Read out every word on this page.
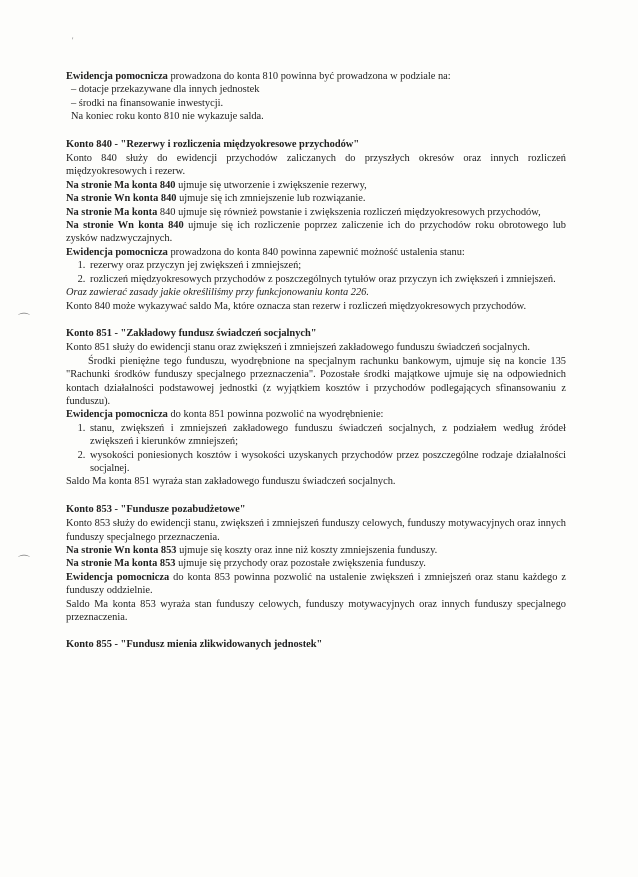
'
⌒
⌒

Ewidencja pomocnicza prowadzona do konta 810 powinna być prowadzona w podziale na:

– dotacje przekazywane dla innych jednostek

– środki na finansowanie inwestycji.

Na koniec roku konto 810 nie wykazuje salda.

Konto 840 - "Rezerwy i rozliczenia międzyokresowe przychodów"

Konto 840 służy do ewidencji przychodów zaliczanych do przyszłych okresów oraz innych rozliczeń międzyokresowych i rezerw.

Na stronie Ma konta 840 ujmuje się utworzenie i zwiększenie rezerwy,

Na stronie Wn konta 840 ujmuje się ich zmniejszenie lub rozwiązanie.

Na stronie Ma konta 840 ujmuje się również powstanie i zwiększenia rozliczeń międzyokresowych przychodów,

Na stronie Wn konta 840 ujmuje się ich rozliczenie poprzez zaliczenie ich do przychodów roku obrotowego lub zysków nadzwyczajnych.

Ewidencja pomocnicza prowadzona do konta 840 powinna zapewnić możność ustalenia stanu:

1. rezerwy oraz przyczyn jej zwiększeń i zmniejszeń;
2. rozliczeń międzyokresowych przychodów z poszczególnych tytułów oraz przyczyn ich zwiększeń i zmniejszeń.

Oraz zawierać zasady jakie określiliśmy przy funkcjonowaniu konta 226.

Konto 840 może wykazywać saldo Ma, które oznacza stan rezerw i rozliczeń międzyokresowych przychodów.

Konto 851 - "Zakładowy fundusz świadczeń socjalnych"

Konto 851 służy do ewidencji stanu oraz zwiększeń i zmniejszeń zakładowego funduszu świadczeń socjalnych.

Środki pieniężne tego funduszu, wyodrębnione na specjalnym rachunku bankowym, ujmuje się na koncie 135 "Rachunki środków funduszy specjalnego przeznaczenia". Pozostałe środki majątkowe ujmuje się na odpowiednich kontach działalności podstawowej jednostki (z wyjątkiem kosztów i przychodów podlegających sfinansowaniu z funduszu).

Ewidencja pomocnicza do konta 851 powinna pozwolić na wyodrębnienie:

1. stanu, zwiększeń i zmniejszeń zakładowego funduszu świadczeń socjalnych, z podziałem według źródeł zwiększeń i kierunków zmniejszeń;
2. wysokości poniesionych kosztów i wysokości uzyskanych przychodów przez poszczególne rodzaje działalności socjalnej.

Saldo Ma konta 851 wyraża stan zakładowego funduszu świadczeń socjalnych.

Konto 853 - "Fundusze pozabudżetowe"

Konto 853 służy do ewidencji stanu, zwiększeń i zmniejszeń funduszy celowych, funduszy motywacyjnych oraz innych funduszy specjalnego przeznaczenia.

Na stronie Wn konta 853 ujmuje się koszty oraz inne niż koszty zmniejszenia funduszy.

Na stronie Ma konta 853 ujmuje się przychody oraz pozostałe zwiększenia funduszy.

Ewidencja pomocnicza do konta 853 powinna pozwolić na ustalenie zwiększeń i zmniejszeń oraz stanu każdego z funduszy oddzielnie.

Saldo Ma konta 853 wyraża stan funduszy celowych, funduszy motywacyjnych oraz innych funduszy specjalnego przeznaczenia.

Konto 855 - "Fundusz mienia zlikwidowanych jednostek"
